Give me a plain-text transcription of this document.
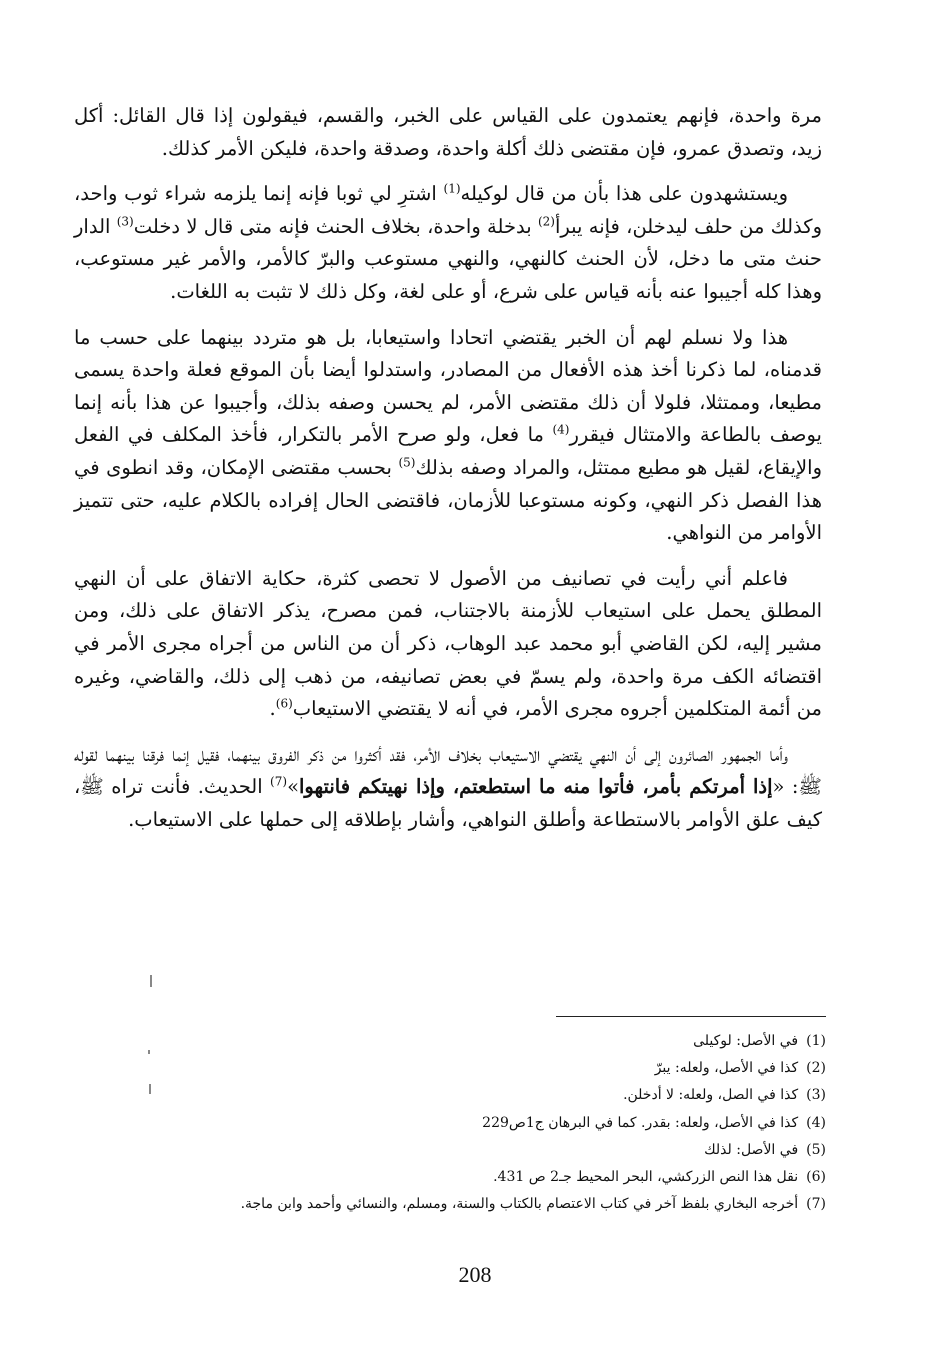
مرة واحدة، فإنهم يعتمدون على القياس على الخبر، والقسم، فيقولون إذا قال القائل: أكل زيد، وتصدق عمرو، فإن مقتضى ذلك أكلة واحدة، وصدقة واحدة، فليكن الأمر كذلك.

ويستشهدون على هذا بأن من قال لوكيله$^{(1)}$ اشترِ لي ثوبا فإنه إنما يلزمه شراء ثوب واحد، وكذلك من حلف ليدخلن، فإنه يبرأ$^{(2)}$ بدخلة واحدة، بخلاف الحنث فإنه متى قال لا دخلت$^{(3)}$ الدار حنث متى ما دخل، لأن الحنث كالنهي، والنهي مستوعب والبرّ كالأمر، والأمر غير مستوعب، وهذا كله أجيبوا عنه بأنه قياس على شرع، أو على لغة، وكل ذلك لا تثبت به اللغات.

هذا ولا نسلم لهم أن الخبر يقتضي اتحادا واستيعابا، بل هو متردد بينهما على حسب ما قدمناه، لما ذكرنا أخذ هذه الأفعال من المصادر، واستدلوا أيضا بأن الموقع فعلة واحدة يسمى مطيعا، وممتثلا، فلولا أن ذلك مقتضى الأمر، لم يحسن وصفه بذلك، وأجيبوا عن هذا بأنه إنما يوصف بالطاعة والامتثال فيقرر$^{(4)}$ ما فعل، ولو صرح الأمر بالتكرار، فأخذ المكلف في الفعل والإيقاع، لقيل هو مطيع ممتثل، والمراد وصفه بذلك$^{(5)}$ بحسب مقتضى الإمكان، وقد انطوى في هذا الفصل ذكر النهي، وكونه مستوعبا للأزمان، فاقتضى الحال إفراده بالكلام عليه، حتى تتميز الأوامر من النواهي.

فاعلم أني رأيت في تصانيف من الأصول لا تحصى كثرة، حكاية الاتفاق على أن النهي المطلق يحمل على استيعاب للأزمنة بالاجتناب، فمن مصرح، يذكر الاتفاق على ذلك، ومن مشير إليه، لكن القاضي أبو محمد عبد الوهاب، ذكر أن من الناس من أجراه مجرى الأمر في اقتضائه الكف مرة واحدة، ولم يسمّ في بعض تصانيفه، من ذهب إلى ذلك، والقاضي، وغيره من أئمة المتكلمين أجروه مجرى الأمر، في أنه لا يقتضي الاستيعاب$^{(6)}$.

وأما الجمهور الصائرون إلى أن النهي يقتضي الاستيعاب بخلاف الأمر، فقد أكثروا من ذكر الفروق بينهما، فقيل إنما فرقنا بينهما لقوله ﷺ: «إذا أمرتكم بأمر، فأتوا منه ما استطعتم، وإذا نهيتكم فانتهوا»$^{(7)}$ الحديث. فأنت تراه ﷺ، كيف علق الأوامر بالاستطاعة وأطلق النواهي، وأشار بإطلاقه إلى حملها على الاستيعاب.

(1)في الأصل: لوكيلى
(2)كذا في الأصل، ولعله: يبرّ
(3)كذا في الصل، ولعله: لا أدخلن.
(4)كذا في الأصل، ولعله: بقدر. كما في البرهان ج1ص229
(5)في الأصل: لذلك
(6)نقل هذا النص الزركشي، البحر المحيط جـ2 ص 431.
(7)أخرجه البخاري بلفظ آخر في كتاب الاعتصام بالكتاب والسنة، ومسلم، والنسائي وأحمد وابن ماجة.
208
